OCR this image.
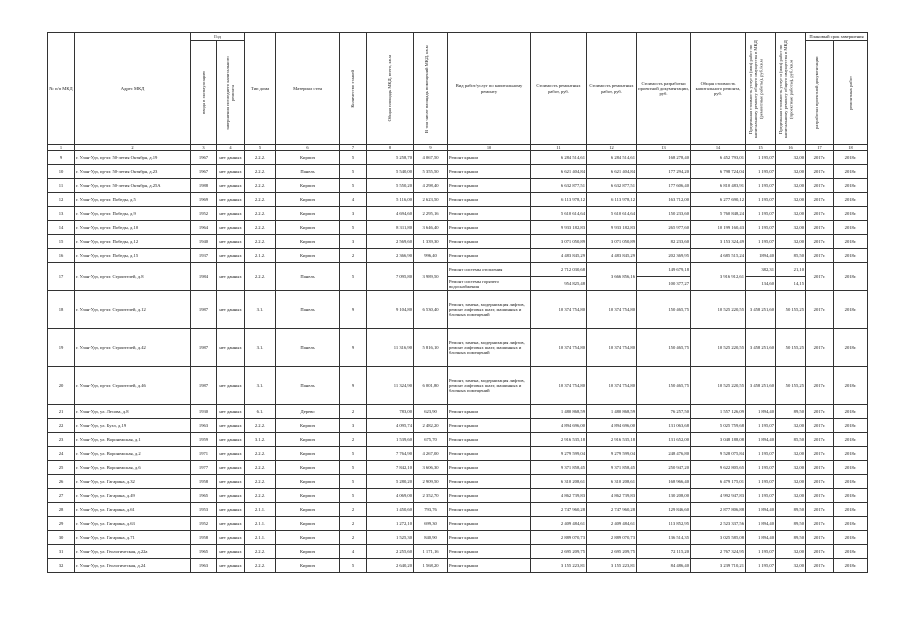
№ п/п МКД	Адрес МКД	Год		Тип дома	Материал стен	Количество этажей	Общая площадь МКД, всего, кв.м	В том числе площадь помещений МКД, кв.м	Вид работ/услуг по капитальному ремонту	Стоимость ремонтных работ, руб.	Стоимость ремонтных работ, руб.	Стоимость разработки проектной документации, руб.	Общая стоимость капитального ремонта, руб.	Предельная стоимость услуг и (или) работ по капитальному ремонту общего имущества в МКД (ремонтные работы), руб./кв.м	Предельная стоимость услуг и (или) работ по капитальному ремонту общего имущества в МКД (проектные работы), руб./кв.м	Плановый срок завершения	

		ввода в эксплуатацию	завершения последнего капитального ремонта													разработки проектной документации	ремонтных работ

1	2	3	4	5	6	7	8	9	10	11	12	13	14	15	16	17	18
9	г. Улан-Удэ, пр-кт. 50-летия Октября, д.19	1967	нет данных	2.2.2.	Кирпич	5	5 258,70	4 067,50	Ремонт крыши	6 284 514,61	6 284 514,61	168 278,40	6 452 793,01	1 195,07	32,00	2017г.	2018г.
10	г. Улан-Удэ, пр-кт. 50-летия Октября, д.23	1967	нет данных	2.2.2.	Панель	5	5 540,00	5 355,50	Ремонт крыши	6 621 404,84	6 621 404,84	177 294,20	6 798 724,04	1 195,07	32,00	2017г.	2018г.
11	г. Улан-Удэ, пр-кт. 50-летия Октября, д.25А	1988	нет данных	2.2.2.	Кирпич	5	5 550,20	4 298,40	Ремонт крыши	6 632 877,51	6 632 877,51	177 606,40	6 810 483,91	1 195,07	32,00	2017г.	2018г.
12	г. Улан-Удэ, пр-кт. Победы, д.5	1969	нет данных	2.2.2.	Кирпич	4	5 116,00	2 623,50	Ремонт крыши	6 113 978,12	6 113 978,12	163 712,00	6 277 690,12	1 195,07	32,00	2017г.	2018г.
13	г. Улан-Удэ, пр-кт. Победы, д.9	1952	нет данных	2.2.2.	Кирпич	3	4 694,60	2 295,16	Ремонт крыши	5 610 614,64	5 610 614,64	150 233,60	5 760 848,24	1 195,07	32,00	2017г.	2018г.
14	г. Улан-Удэ, пр-кт. Победы, д.10	1964	нет данных	2.2.2.	Кирпич	5	8 311,80	3 646,40	Ремонт крыши	9 933 182,83	9 933 182,83	265 977,60	10 199 160,43	1 195,07	32,00	2017г.	2018г.
15	г. Улан-Удэ, пр-кт. Победы, д.12	1940	нет данных	2.2.2.	Кирпич	3	2 569,60	1 339,30	Ремонт крыши	3 071 050,89	3 071 050,89	82 233,60	3 153 324,49	1 195,07	32,00	2017г.	2018г.
16	г. Улан-Удэ, пр-кт. Победы, д.15	1937	нет данных	2.1.2.	Кирпич	2	2 366,90	996,40	Ремонт крыши	4 483 845,29	4 483 845,29	202 369,95	4 685 515,24	1894,40	85,50	2017г.	2018г.
17	г. Улан-Удэ, пр-кт. Строителей, д.8	1984	нет данных	2.2.2.	Панель	5	7 095,80	3 989,50	Ремонт системы отопления	2 712 030,68	3 666 856,16	149 679,18	3 916 912,61	382,31	21,10	2017г.	2018г.
									Ремонт системы горячего водоснабжения	954 825,48		100 377,27		134,60	14,15		
18	г. Улан-Удэ, пр-кт. Строителей, д.12	1987	нет данных	3.1.	Панель	9	9 104,80	6 530,40	Ремонт, замена, модернизация лифтов, ремонт лифтовых шахт, машинных и блочных помещений	10 374 754,80	10 374 754,80	150 465,75	10 525 220,55	3 458 251,60	50 155,25	2017г.	2018г.
19	г. Улан-Удэ, пр-кт. Строителей, д.42	1987	нет данных	3.1.	Панель	9	11 316,90	5 816,10	Ремонт, замена, модернизация лифтов, ремонт лифтовых шахт, машинных и блочных помещений	10 374 754,80	10 374 754,80	150 465,75	10 525 220,55	3 458 251,60	50 155,25	2017г.	2018г.
20	г. Улан-Удэ, пр-кт. Строителей, д.46	1987	нет данных	3.1.	Панель	9	11 324,90	6 001,80	Ремонт, замена, модернизация лифтов, ремонт лифтовых шахт, машинных и блочных помещений	10 374 754,80	10 374 754,80	150 465,75	10 525 220,55	3 458 251,60	50 155,25	2017г.	2018г.
21	г. Улан-Удэ, ул. Лесова, д.8	1930	нет данных	6.1.	Дерево	2	783,00	623,90	Ремонт крыши	1 480 868,59	1 480 868,59	76 257,50	1 557 126,09	1 894,40	89,50	2017г.	2018г.
22	г. Улан-Удэ, ул. Бухэ, д.19	1963	нет данных	2.2.2.	Кирпич	3	4 095,74	2 482,20	Ремонт крыши	4 894 696,00	4 894 696,00	131 063,68	5 025 759,68	1 195,07	32,00	2017г.	2018г.
23	г. Улан-Удэ, ул. Воронежская, д.1	1959	нет данных	3.1.2.	Кирпич	2	1 539,60	675,70	Ремонт крыши	2 916 535,18	2 916 535,18	131 652,00	3 048 188,08	1 894,40	85,50	2017г.	2018г.
24	г. Улан-Удэ, ул. Воронежская, д.2	1971	нет данных	2.2.2.	Кирпич	5	7 764,90	4 267,00	Ремонт крыши	9 279 599,04	9 279 599,04	248 476,80	9 528 075,84	1 195,07	32,00	2017г.	2018г.
25	г. Улан-Удэ, ул. Воронежская, д.6	1977	нет данных	2.2.2.	Кирпич	5	7 842,10	3 606,30	Ремонт крыши	9 371 858,45	9 371 858,45	250 947,20	9 622 805,65	1 195,07	32,00	2017г.	2018г.
26	г. Улан-Удэ, ул. Гагарина, д.32	1958	нет данных	2.2.2.	Кирпич	5	5 280,20	2 909,50	Ремонт крыши	6 310 208,61	6 310 208,61	168 966,40	6 479 175,01	1 195,07	32,00	2017г.	2018г.
27	г. Улан-Удэ, ул. Гагарина, д.49	1965	нет данных	2.2.2.	Кирпич	5	4 069,00	2 352,70	Ремонт крыши	4 862 739,83	4 862 739,83	130 208,00	4 992 947,83	1 195,07	32,00	2017г.	2018г.
28	г. Улан-Удэ, ул. Гагарина, д.61	1953	нет данных	2.1.1.	Кирпич	2	1 450,60	793,76	Ремонт крыши	2 747 960,28	2 747 960,28	129 846,60	2 877 806,88	1 894,40	89,50	2017г.	2018г.
29	г. Улан-Удэ, ул. Гагарина, д.63	1952	нет данных	2.1.1.	Кирпич	2	1 272,10	699,30	Ремонт крыши	2 409 484,61	2 409 484,61	113 852,95	2 523 337,56	1 894,40	89,50	2017г.	2018г.
30	г. Улан-Удэ, ул. Гагарина, д.71	1958	нет данных	2.1.1.	Кирпич	2	1 525,30	840,90	Ремонт крыши	2 889 070,73	2 889 070,73	136 514,35	3 025 585,08	1 894,40	89,50	2017г.	2018г.
31	г. Улан-Удэ, ул. Геологическая, д.22а	1965	нет данных	2.2.2.	Кирпич	4	2 255,60	1 171,16	Ремонт крыши	2 695 209,75	2 695 209,75	72 115,20	2 767 324,95	1 195,07	32,00	2017г.	2018г.
32	г. Улан-Удэ, ул. Геологическая, д.24	1963	нет данных	2.2.2.	Кирпич	5	2 640,20	1 568,20	Ремонт крыши	3 155 223,81	3 155 223,81	84 486,40	3 239 710,21	1 195,07	32,00	2017г.	2018г.
